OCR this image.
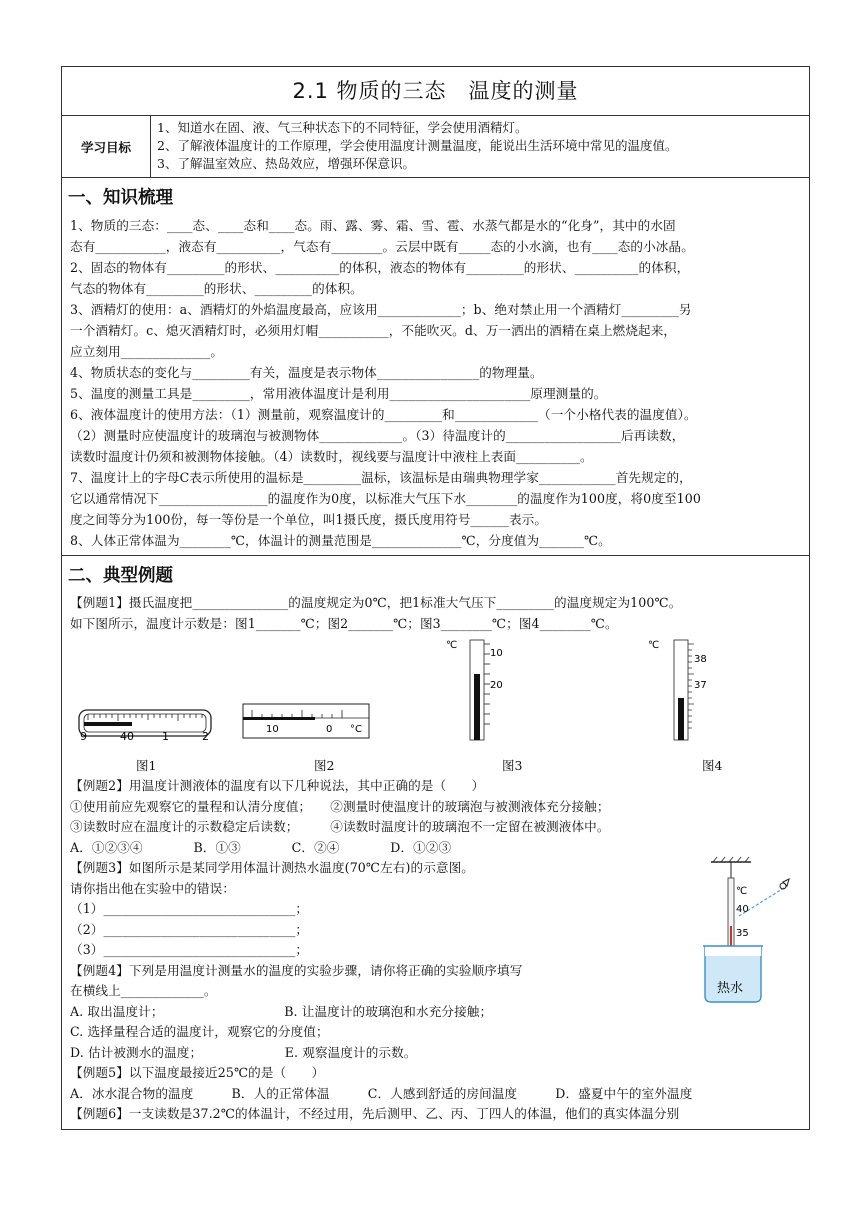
2.1 物质的三态　温度的测量
学习目标
1、知道水在固、液、气三种状态下的不同特征，学会使用酒精灯。
2、了解液体温度计的工作原理，学会使用温度计测量温度，能说出生活环境中常见的温度值。
3、了解温室效应、热岛效应，增强环保意识。
一、知识梳理

1、物质的三态：____态、____态和____态。雨、露、雾、霜、雪、雹、水蒸气都是水的“化身”，其中的水固

态有___________，液态有__________，气态有________。云层中既有_____态的小水滴，也有____态的小冰晶。

2、固态的物体有_________的形状、__________的体积，液态的物体有_________的形状、__________的体积，

气态的物体有_________的形状、_________的体积。

3、酒精灯的使用：a、酒精灯的外焰温度最高，应该用_____________；b、绝对禁止用一个酒精灯_________另

一个酒精灯。c、熄灭酒精灯时，必须用灯帽___________，不能吹灭。d、万一洒出的酒精在桌上燃烧起来，

应立刻用______________。

4、物质状态的变化与_________有关，温度是表示物体________________的物理量。

5、温度的测量工具是_________，常用液体温度计是利用______________________原理测量的。

6、液体温度计的使用方法：（1）测量前，观察温度计的_________和_____________（一个小格代表的温度值）。

（2）测量时应使温度计的玻璃泡与被测物体_____________。（3）待温度计的__________________后再读数，

读数时温度计仍须和被测物体接触。（4）读数时，视线要与温度计中液柱上表面__________。

7、温度计上的字母C表示所使用的温标是_________温标，该温标是由瑞典物理学家____________首先规定的，

它以通常情况下_________________的温度作为0度，以标准大气压下水________的温度作为100度，将0度至100

度之间等分为100份，每一等份是一个单位，叫1摄氏度，摄氏度用符号______表示。

8、人体正常体温为________℃，体温计的测量范围是______________℃，分度值为_______℃。

二、典型例题

【例题1】摄氏温度把_______________的温度规定为0℃，把1标准大气压下_________的温度规定为100℃。

如下图所示，温度计示数是：图1_______℃；图2_______℃；图3________℃；图4________℃。

9	40	1	2
10	0 °C
℃
10
20
℃
38
37
图1	图2	图3	图4

【例题2】用温度计测液体的温度有以下几种说法，其中正确的是（　　）

①使用前应先观察它的量程和认清分度值；　　②测量时使温度计的玻璃泡与被测液体充分接触；

③读数时应在温度计的示数稳定后读数；　　　④读数时温度计的玻璃泡不一定留在被测液体中。

A．①②③④　　　　B．①③　　　　C．②④　　　　D．①②③

【例题3】如图所示是某同学用体温计测热水温度(70℃左右)的示意图。

请你指出他在实验中的错误：

（1）______________________________；

（2）______________________________；

（3）______________________________；

【例题4】下列是用温度计测量水的温度的实验步骤，请你将正确的实验顺序填写

在横线上_____________。

℃
40
35
热水

A. 取出温度计；　　　　　　　　　　B. 让温度计的玻璃泡和水充分接触；

C. 选择量程合适的温度计，观察它的分度值；

D. 估计被测水的温度；　　　　　　　E. 观察温度计的示数。

【例题5】以下温度最接近25℃的是（　　）

A．冰水混合物的温度　　　B．人的正常体温　　　C．人感到舒适的房间温度　　　D．盛夏中午的室外温度

【例题6】一支读数是37.2℃的体温计，不经过用，先后测甲、乙、丙、丁四人的体温，他们的真实体温分别
